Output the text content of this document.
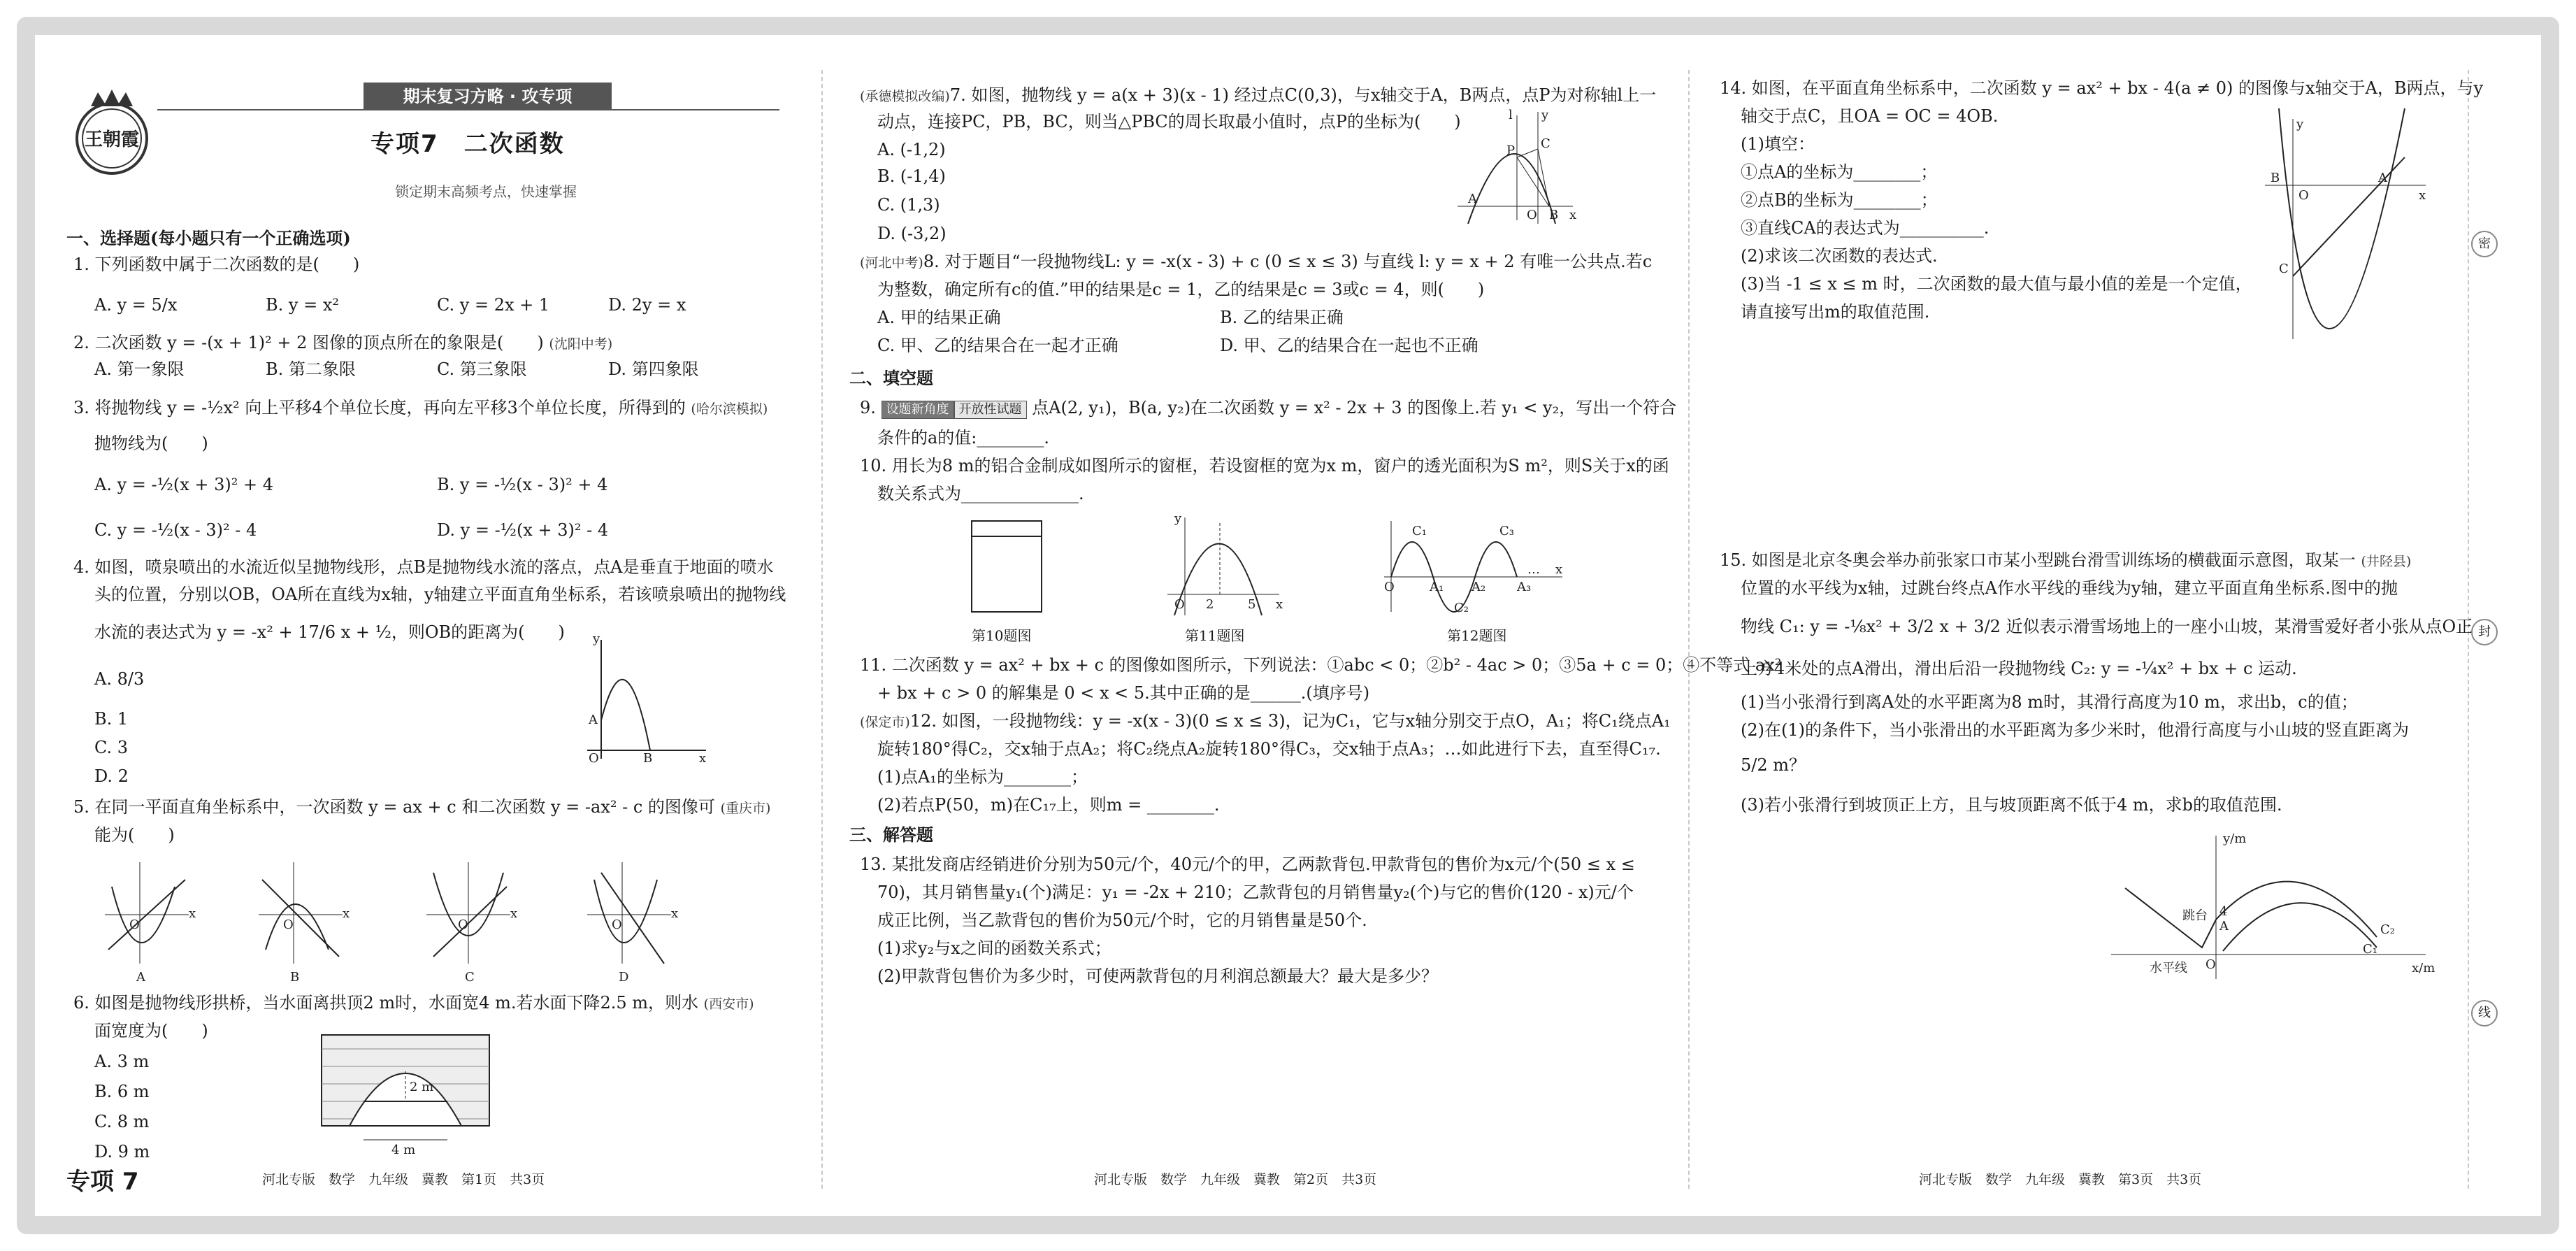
王朝霞
期末复习方略 · 攻专项
专项7　二次函数
锁定期末高频考点，快速掌握
一、选择题(每小题只有一个正确选项)
1. 下列函数中属于二次函数的是(　　)
A. y = 5/x	B. y = x²	C. y = 2x + 1	D. 2y = x
2. 二次函数 y = -(x + 1)² + 2 图像的顶点所在的象限是(　　) (沈阳中考)
A. 第一象限	B. 第二象限	C. 第三象限	D. 第四象限
3. 将抛物线 y = -½x² 向上平移4个单位长度，再向左平移3个单位长度，所得到的 (哈尔滨模拟)
抛物线为(　　)
A. y = -½(x + 3)² + 4	B. y = -½(x - 3)² + 4
C. y = -½(x - 3)² - 4	D. y = -½(x + 3)² - 4
4. 如图，喷泉喷出的水流近似呈抛物线形，点B是抛物线水流的落点，点A是垂直于地面的喷水
头的位置，分别以OB，OA所在直线为x轴，y轴建立平面直角坐标系，若该喷泉喷出的抛物线
水流的表达式为 y = -x² + 17/6 x + ½，则OB的距离为(　　)
A. 8/3
B. 1
C. 3
D. 2
A
O	B	x
y
5. 在同一平面直角坐标系中，一次函数 y = ax + c 和二次函数 y = -ax² - c 的图像可 (重庆市)
能为(　　)
O
x
O
x
O
x
O
x
A	B	C	D
6. 如图是抛物线形拱桥，当水面离拱顶2 m时，水面宽4 m.若水面下降2.5 m，则水 (西安市)
面宽度为(　　)
A. 3 m
B. 6 m
C. 8 m
D. 9 m
2 m
4 m
专项 7	河北专版　数学　九年级　冀教　第1页　共3页
(承德模拟改编)7. 如图，抛物线 y = a(x + 3)(x - 1) 经过点C(0,3)，与x轴交于A，B两点，点P为对称轴l上一
动点，连接PC，PB，BC，则当△PBC的周长取最小值时，点P的坐标为(　　)
A. (-1,2)
B. (-1,4)
C. (1,3)
D. (-3,2)
l y
P C
A
O B x
(河北中考)8. 对于题目“一段抛物线L: y = -x(x - 3) + c (0 ≤ x ≤ 3) 与直线 l: y = x + 2 有唯一公共点.若c
为整数，确定所有c的值.”甲的结果是c = 1，乙的结果是c = 3或c = 4，则(　　)
A. 甲的结果正确	B. 乙的结果正确
C. 甲、乙的结果合在一起才正确	D. 甲、乙的结果合在一起也不正确
二、填空题
9. 设题新角度 开放性试题 点A(2, y₁)，B(a, y₂)在二次函数 y = x² - 2x + 3 的图像上.若 y₁ < y₂，写出一个符合
条件的a的值:________.
10. 用长为8 m的铝合金制成如图所示的窗框，若设窗框的宽为x m，窗户的透光面积为S m²，则S关于x的函
数关系式为______________.
第10题图
O 2	5 x
y
第11题图
O	A₁ A₂ A₃
C₁
C₂
C₃
… x
第12题图
11. 二次函数 y = ax² + bx + c 的图像如图所示，下列说法：①abc < 0；②b² - 4ac > 0；③5a + c = 0；④不等式 ax²
+ bx + c > 0 的解集是 0 < x < 5.其中正确的是______.(填序号)
(保定市)12. 如图，一段抛物线：y = -x(x - 3)(0 ≤ x ≤ 3)，记为C₁，它与x轴分别交于点O，A₁；将C₁绕点A₁
旋转180°得C₂，交x轴于点A₂；将C₂绕点A₂旋转180°得C₃，交x轴于点A₃；…如此进行下去，直至得C₁₇.
(1)点A₁的坐标为________；
(2)若点P(50，m)在C₁₇上，则m = ________.
三、解答题
13. 某批发商店经销进价分别为50元/个，40元/个的甲，乙两款背包.甲款背包的售价为x元/个(50 ≤ x ≤
70)，其月销售量y₁(个)满足：y₁ = -2x + 210；乙款背包的月销售量y₂(个)与它的售价(120 - x)元/个
成正比例，当乙款背包的售价为50元/个时，它的月销售量是50个.
(1)求y₂与x之间的函数关系式；
(2)甲款背包售价为多少时，可使两款背包的月利润总额最大？最大是多少？
河北专版　数学　九年级　冀教　第2页　共3页
14. 如图，在平面直角坐标系中，二次函数 y = ax² + bx - 4(a ≠ 0) 的图像与x轴交于A，B两点，与y
轴交于点C，且OA = OC = 4OB.
(1)填空：
①点A的坐标为________；
②点B的坐标为________；
③直线CA的表达式为__________.
(2)求该二次函数的表达式.
(3)当 -1 ≤ x ≤ m 时，二次函数的最大值与最小值的差是一个定值，
请直接写出m的取值范围.
y
B
O
A
x
C
15. 如图是北京冬奥会举办前张家口市某小型跳台滑雪训练场的横截面示意图，取某一 (井陉县)
位置的水平线为x轴，过跳台终点A作水平线的垂线为y轴，建立平面直角坐标系.图中的抛
物线 C₁: y = -⅛x² + 3/2 x + 3/2 近似表示滑雪场地上的一座小山坡，某滑雪爱好者小张从点O正
上方4米处的点A滑出，滑出后沿一段抛物线 C₂: y = -¼x² + bx + c 运动.
(1)当小张滑行到离A处的水平距离为8 m时，其滑行高度为10 m，求出b，c的值；
(2)在(1)的条件下，当小张滑出的水平距离为多少米时，他滑行高度与小山坡的竖直距离为
5/2 m？
(3)若小张滑行到坡顶正上方，且与坡顶距离不低于4 m，求b的取值范围.
y/m
x/m
水平线
跳台 4
A
O
C₂
C₁
河北专版　数学　九年级　冀教　第3页　共3页
密
封
线
